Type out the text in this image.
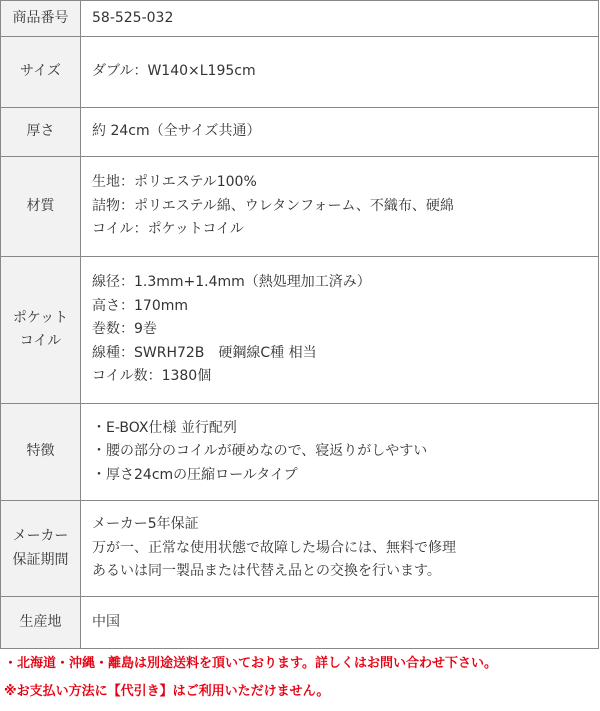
商品番号	58-525-032

サイズ	ダブル：W140×L195cm

厚さ	約 24cm（全サイズ共通）

材質	生地：ポリエステル100%
詰物：ポリエステル綿、ウレタンフォーム、不織布、硬綿
コイル：ポケットコイル

ポケット
コイル	線径：1.3mm+1.4mm（熱処理加工済み）
高さ：170mm
巻数：9巻
線種：SWRH72B　硬鋼線C種 相当
コイル数：1380個

特徴	・E-BOX仕様 並行配列
・腰の部分のコイルが硬めなので、寝返りがしやすい
・厚さ24cmの圧縮ロールタイプ

メーカー
保証期間	メーカー5年保証
万が一、正常な使用状態で故障した場合には、無料で修理
あるいは同一製品または代替え品との交換を行います。

生産地	中国
・北海道・沖縄・離島は別途送料を頂いております。詳しくはお問い合わせ下さい。
※お支払い方法に【代引き】はご利用いただけません。
